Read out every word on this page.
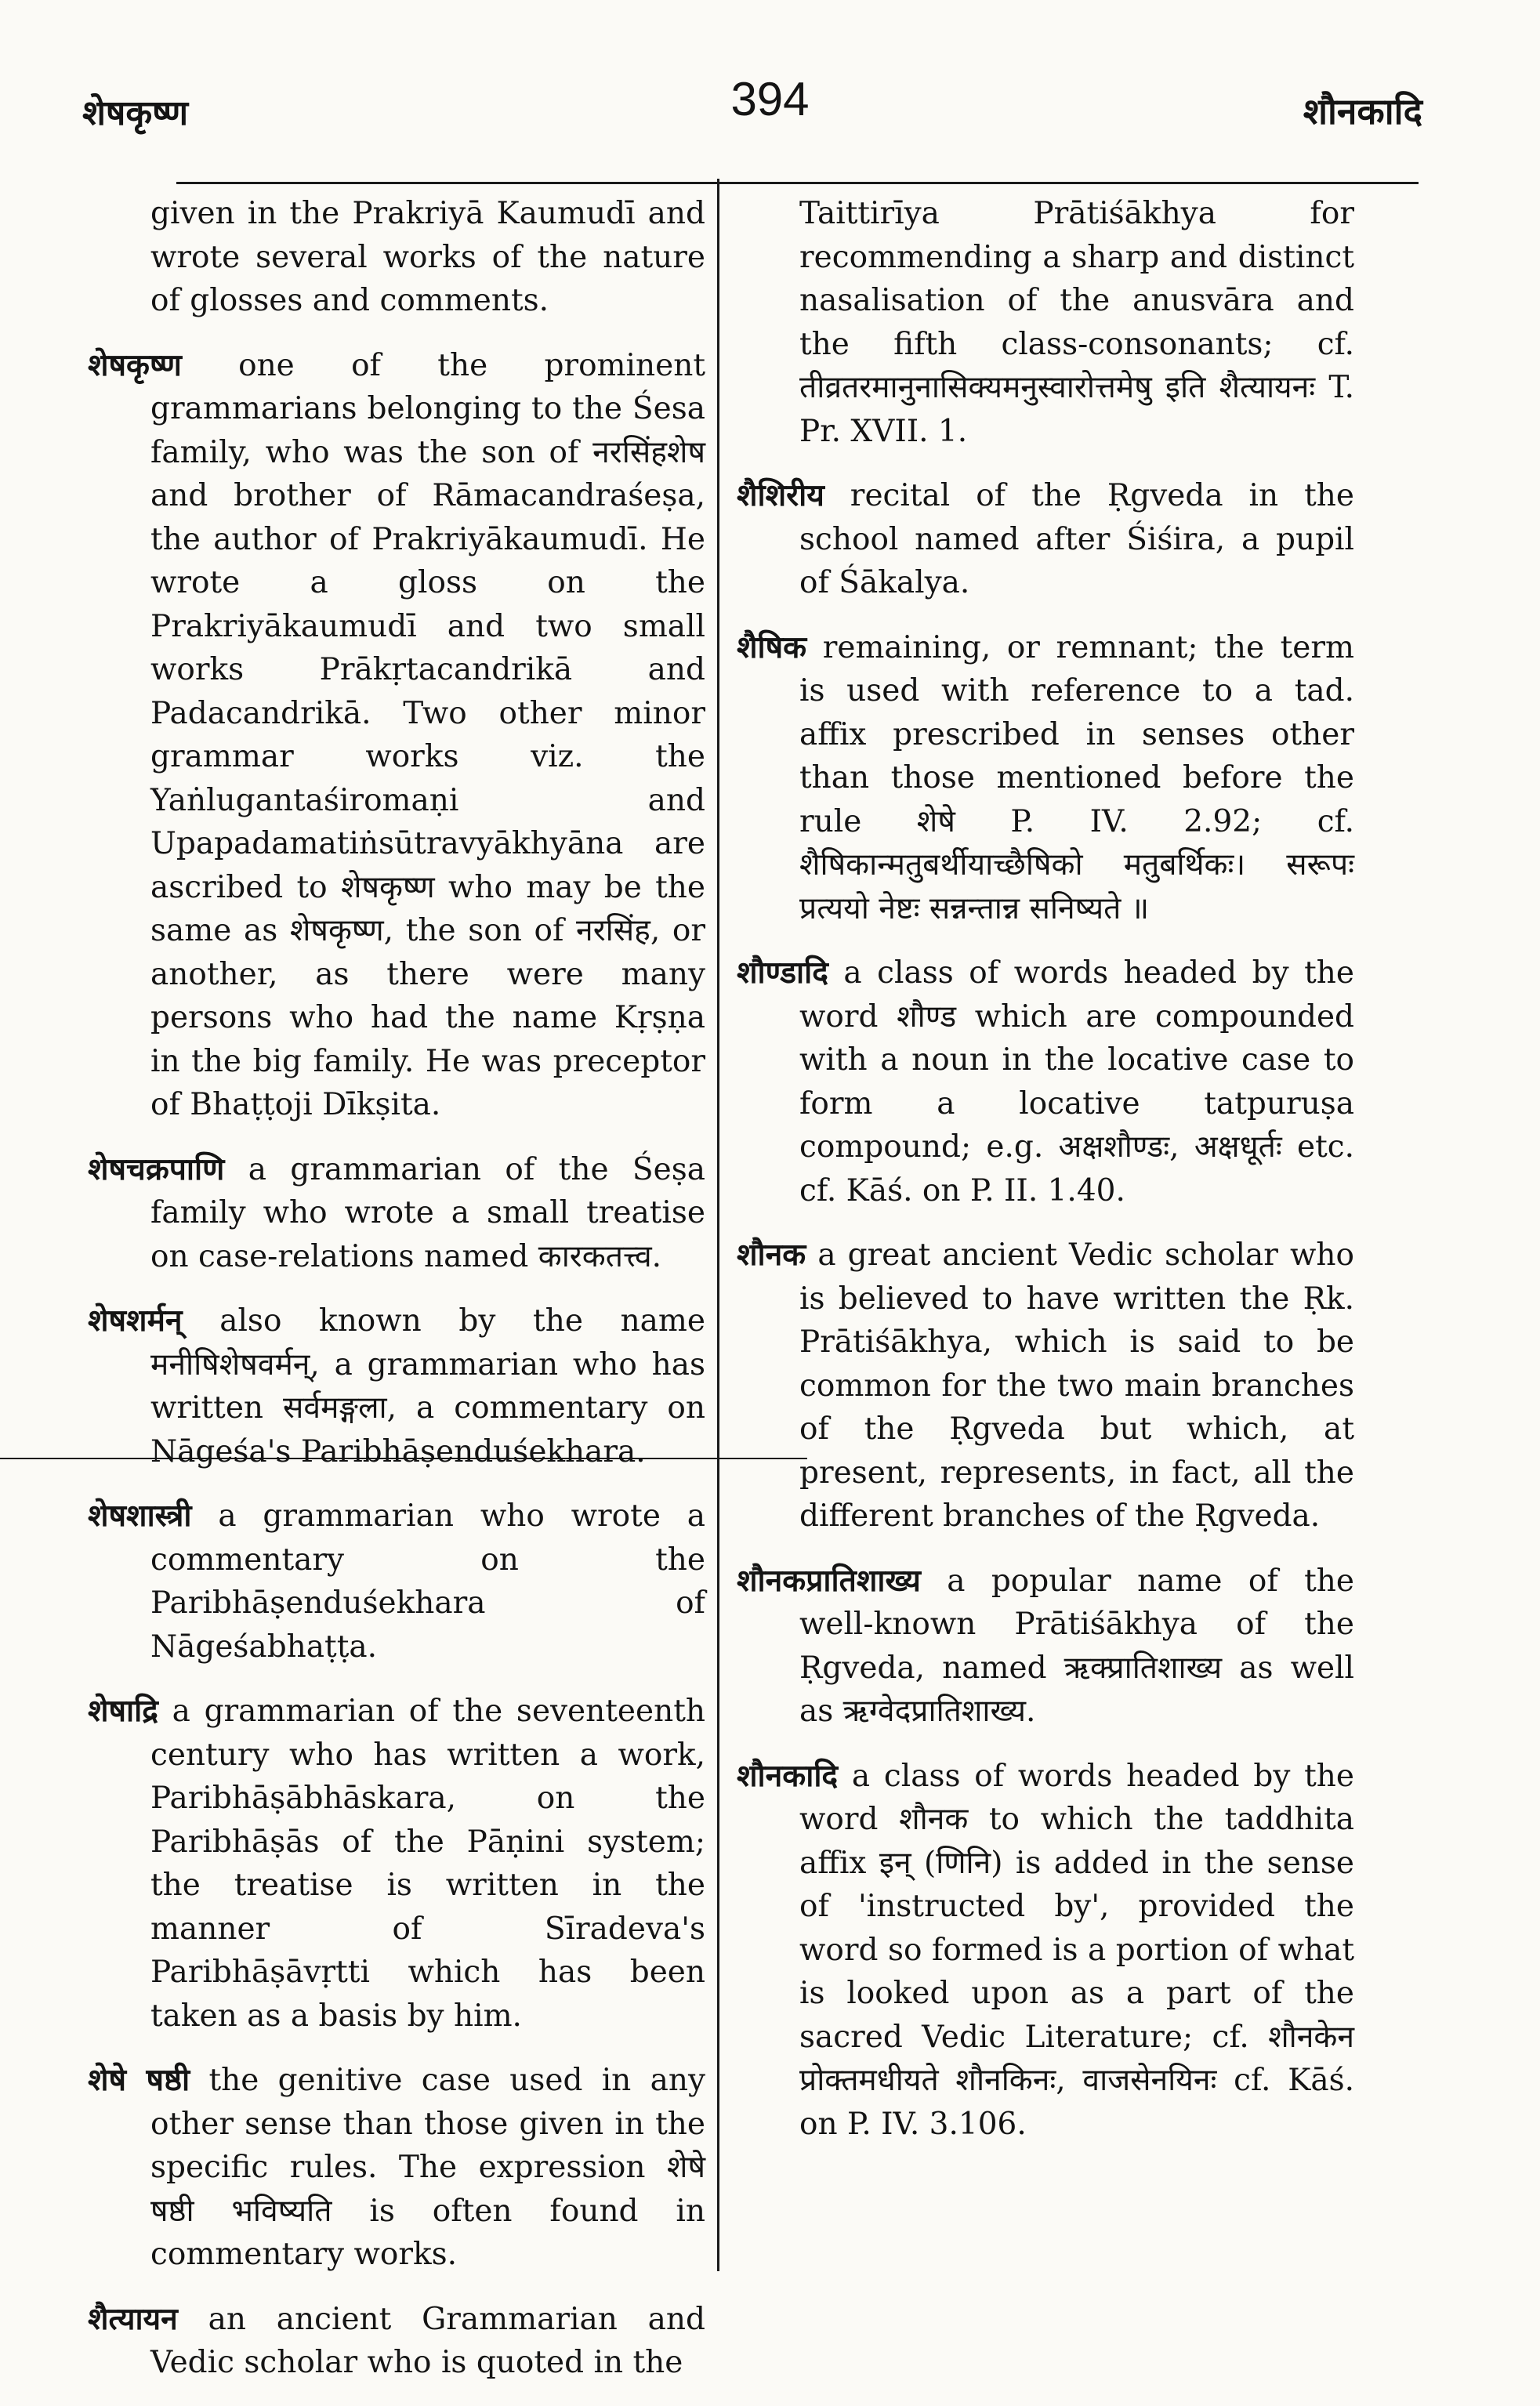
शेषकृष्ण	394	शौनकादि

given in the Prakriyā Kaumudī and wrote several works of the nature of glosses and comments.

शेषकृष्ण one of the prominent grammarians belonging to the Śesa family, who was the son of नरसिंहशेष and brother of Rāmacandraśeṣa, the author of Prakriyākaumudī. He wrote a gloss on the Prakriyākaumudī and two small works Prākṛtacandrikā and Padacandrikā. Two other minor grammar works viz. the Yaṅlugantaśiromaṇi and Upapadamatiṅsūtravyākhyāna are ascribed to शेषकृष्ण who may be the same as शेषकृष्ण, the son of नरसिंह, or another, as there were many persons who had the name Kṛṣṇa in the big family. He was preceptor of Bhaṭṭoji Dīkṣita.

शेषचक्रपाणि a grammarian of the Śeṣa family who wrote a small treatise on case-relations named कारकतत्त्व.

शेषशर्मन् also known by the name मनीषिशेषवर्मन्, a grammarian who has written सर्वमङ्गला, a commentary on Nāgeśa's Paribhāṣenduśekhara.

शेषशास्त्री a grammarian who wrote a commentary on the Paribhāṣenduśekhara of Nāgeśabhaṭṭa.

शेषाद्रि a grammarian of the seventeenth century who has written a work, Paribhāṣābhāskara, on the Paribhāṣās of the Pāṇini system; the treatise is written in the manner of Sīradeva's Paribhāṣāvṛtti which has been taken as a basis by him.

शेषे षष्ठी the genitive case used in any other sense than those given in the specific rules. The expression शेषे षष्ठी भविष्यति is often found in commentary works.

शैत्यायन an ancient Grammarian and Vedic scholar who is quoted in the

Taittirīya Prātiśākhya for recommending a sharp and distinct nasalisation of the anusvāra and the fifth class-consonants; cf. तीव्रतरमानुनासिक्यमनुस्वारोत्तमेषु इति शैत्यायनः T. Pr. XVII. 1.

शैशिरीय recital of the Ṛgveda in the school named after Śiśira, a pupil of Śākalya.

शैषिक remaining, or remnant; the term is used with reference to a tad. affix prescribed in senses other than those mentioned before the rule शेषे P. IV. 2.92; cf. शैषिकान्मतुबर्थीयाच्छैषिको मतुबर्थिकः। सरूपः प्रत्ययो नेष्टः सन्नन्तान्न सनिष्यते ॥

शौण्डादि a class of words headed by the word शौण्ड which are compounded with a noun in the locative case to form a locative tatpuruṣa compound; e.g. अक्षशौण्डः, अक्षधूर्तः etc. cf. Kāś. on P. II. 1.40.

शौनक a great ancient Vedic scholar who is believed to have written the Ṛk. Prātiśākhya, which is said to be common for the two main branches of the Ṛgveda but which, at present, represents, in fact, all the different branches of the Ṛgveda.

शौनकप्रातिशाख्य a popular name of the well-known Prātiśākhya of the Ṛgveda, named ऋक्प्रातिशाख्य as well as ऋग्वेदप्रातिशाख्य.

शौनकादि a class of words headed by the word शौनक to which the taddhita affix इन् (णिनि) is added in the sense of 'instructed by', provided the word so formed is a portion of what is looked upon as a part of the sacred Vedic Literature; cf. शौनकेन प्रोक्तमधीयते शौनकिनः, वाजसेनयिनः cf. Kāś. on P. IV. 3.106.
